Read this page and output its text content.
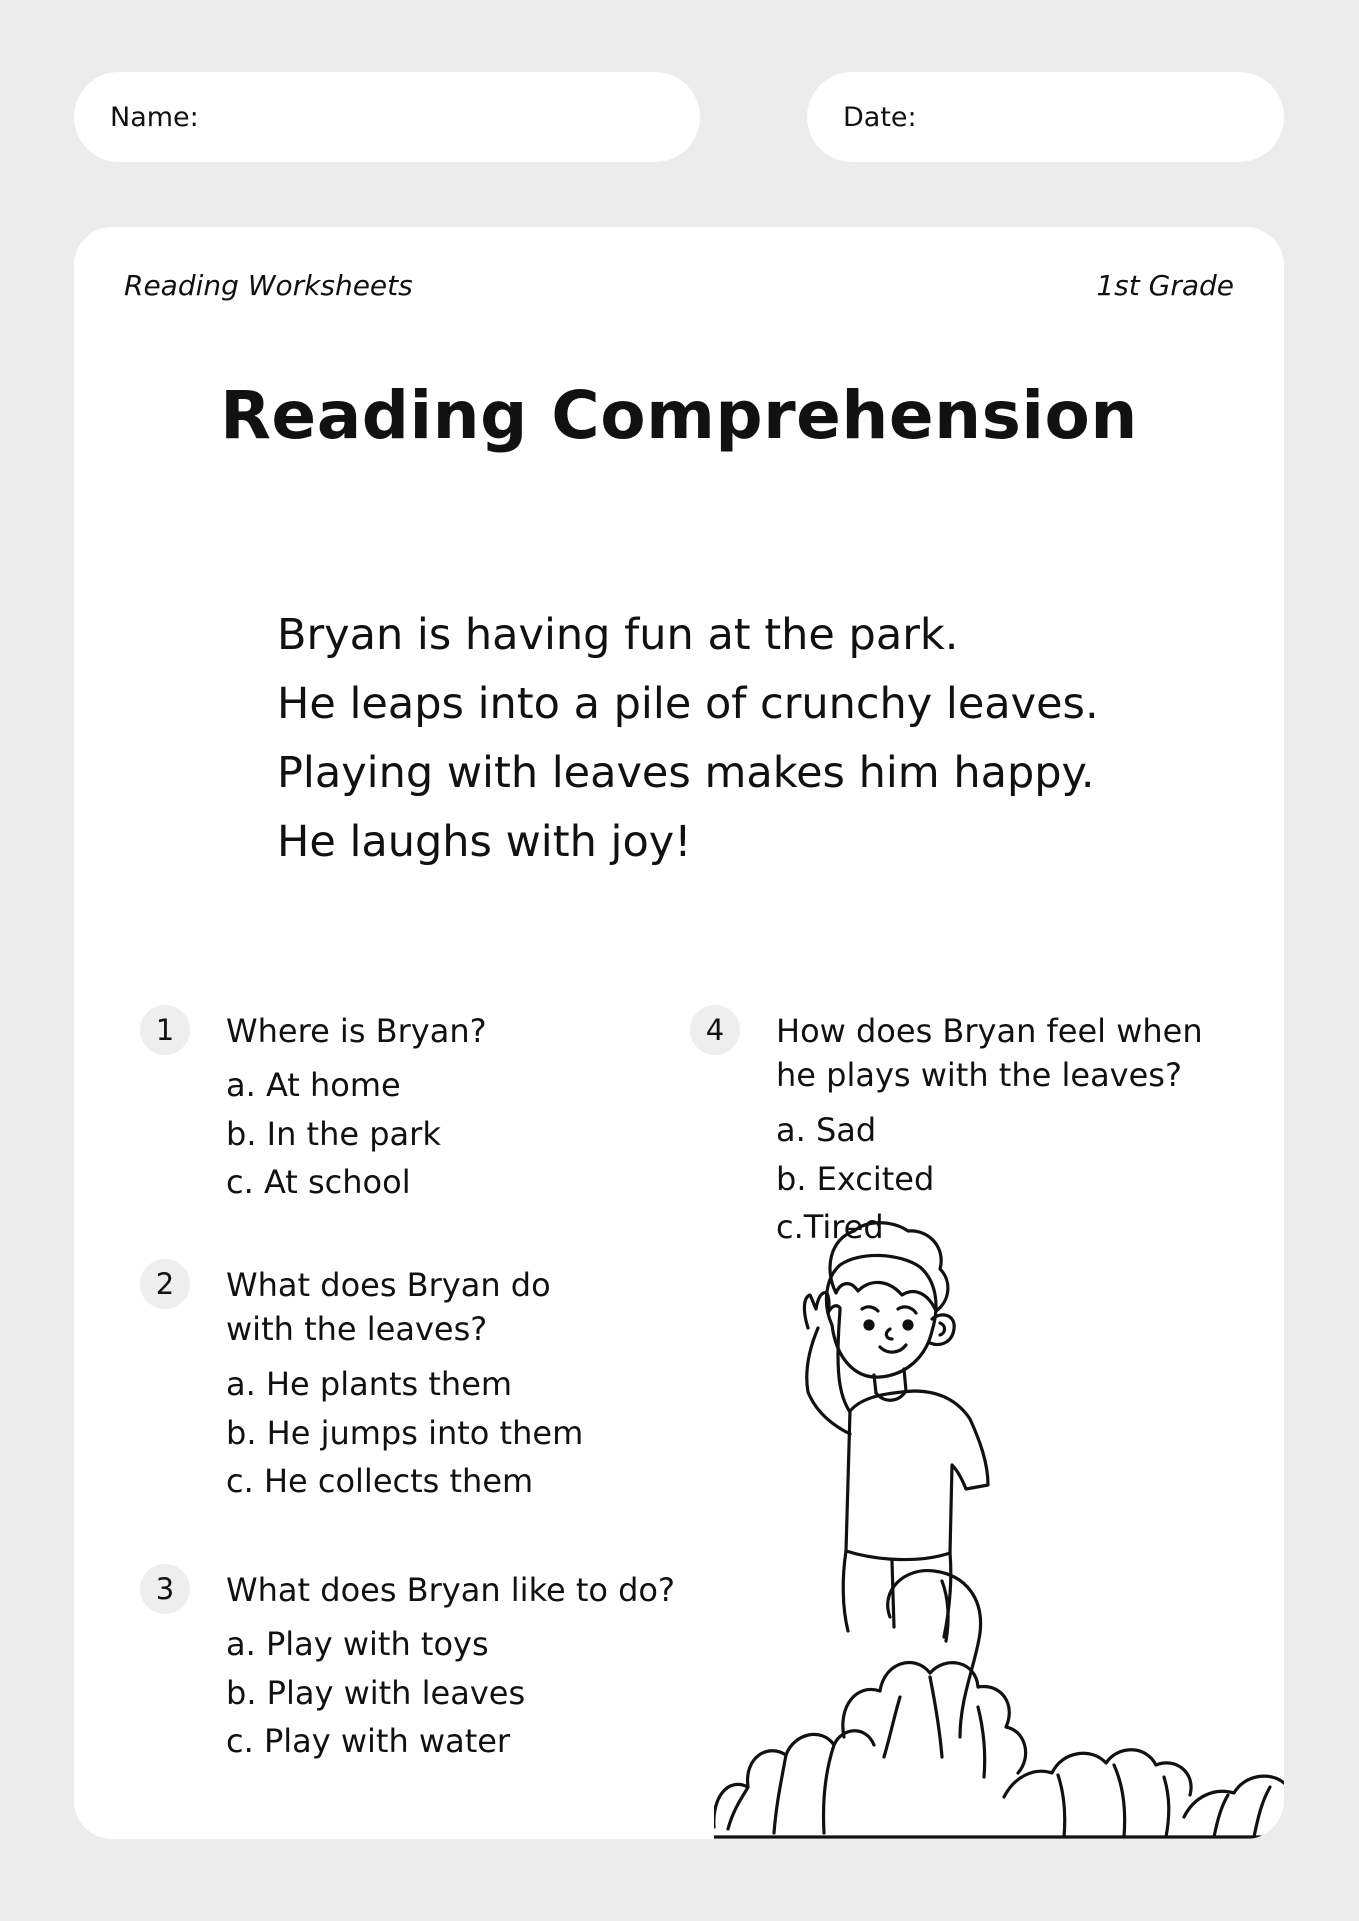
Name:	Date:
Reading Worksheets	1st Grade
Reading Comprehension
Bryan is having fun at the park.
He leaps into a pile of crunchy leaves.
Playing with leaves makes him happy.
He laughs with joy!
1	Where is Bryan?
a. At home
b. In the park
c. At school
2	What does Bryan do
with the leaves?
a. He plants them
b. He jumps into them
c. He collects them
3	What does Bryan like to do?
a. Play with toys
b. Play with leaves
c. Play with water
4	How does Bryan feel when
he plays with the leaves?
a. Sad
b. Excited
c.Tired
